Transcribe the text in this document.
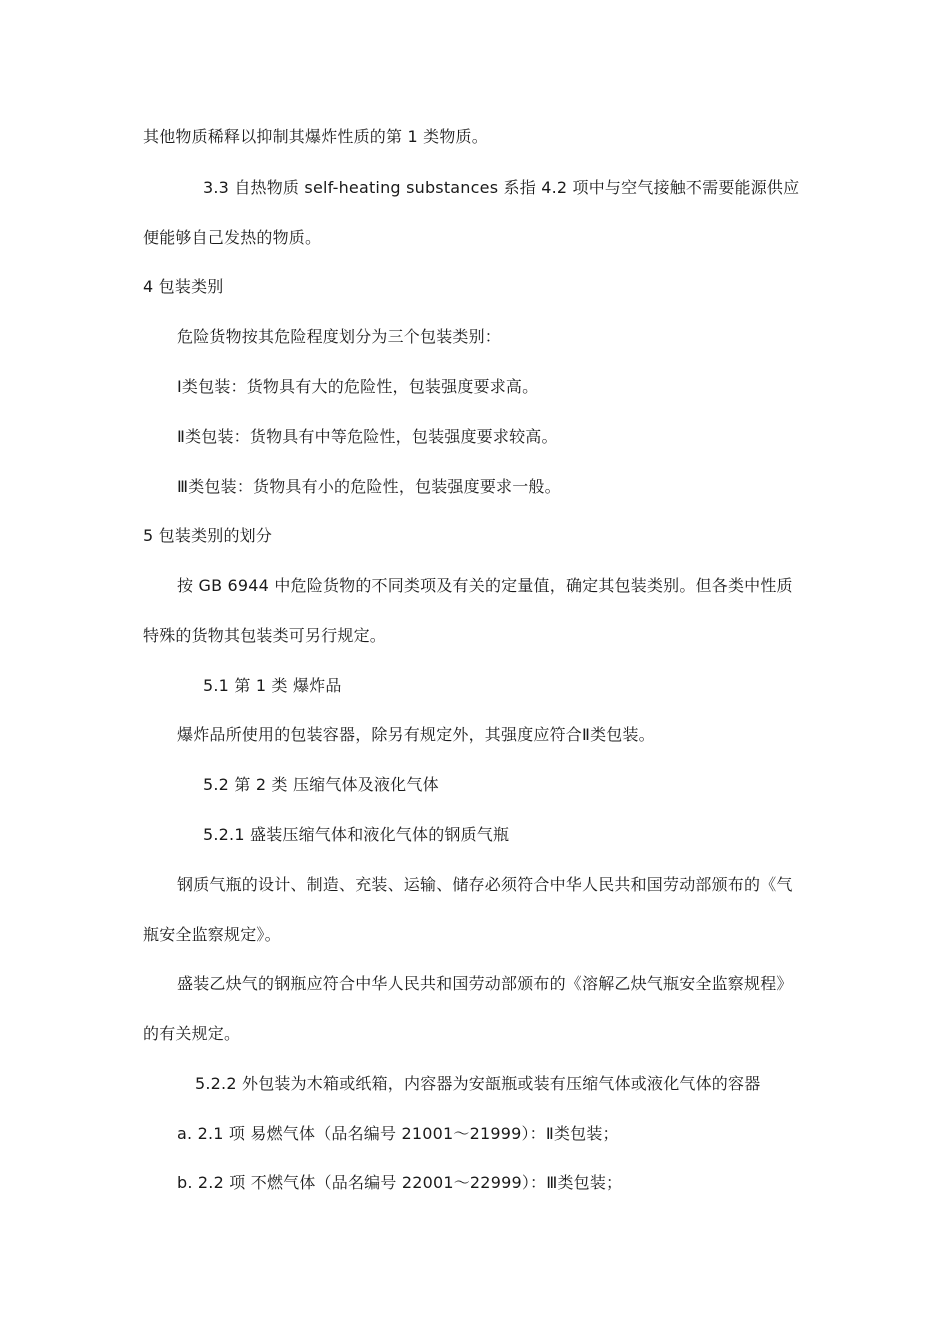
其他物质稀释以抑制其爆炸性质的第 1 类物质。
3.3 自热物质 self-heating substances 系指 4.2 项中与空气接触不需要能源供应
便能够自己发热的物质。
4 包装类别
危险货物按其危险程度划分为三个包装类别：
Ⅰ类包装：货物具有大的危险性，包装强度要求高。
Ⅱ类包装：货物具有中等危险性，包装强度要求较高。
Ⅲ类包装：货物具有小的危险性，包装强度要求一般。
5 包装类别的划分
按 GB 6944 中危险货物的不同类项及有关的定量值，确定其包装类别。但各类中性质
特殊的货物其包装类可另行规定。
5.1 第 1 类 爆炸品
爆炸品所使用的包装容器，除另有规定外，其强度应符合Ⅱ类包装。
5.2 第 2 类 压缩气体及液化气体
5.2.1 盛装压缩气体和液化气体的钢质气瓶
钢质气瓶的设计、制造、充装、运输、储存必须符合中华人民共和国劳动部颁布的《气
瓶安全监察规定》。
盛装乙炔气的钢瓶应符合中华人民共和国劳动部颁布的《溶解乙炔气瓶安全监察规程》
的有关规定。
5.2.2 外包装为木箱或纸箱，内容器为安瓿瓶或装有压缩气体或液化气体的容器
a. 2.1 项 易燃气体（品名编号 21001～21999）：Ⅱ类包装；
b. 2.2 项 不燃气体（品名编号 22001～22999）：Ⅲ类包装；
